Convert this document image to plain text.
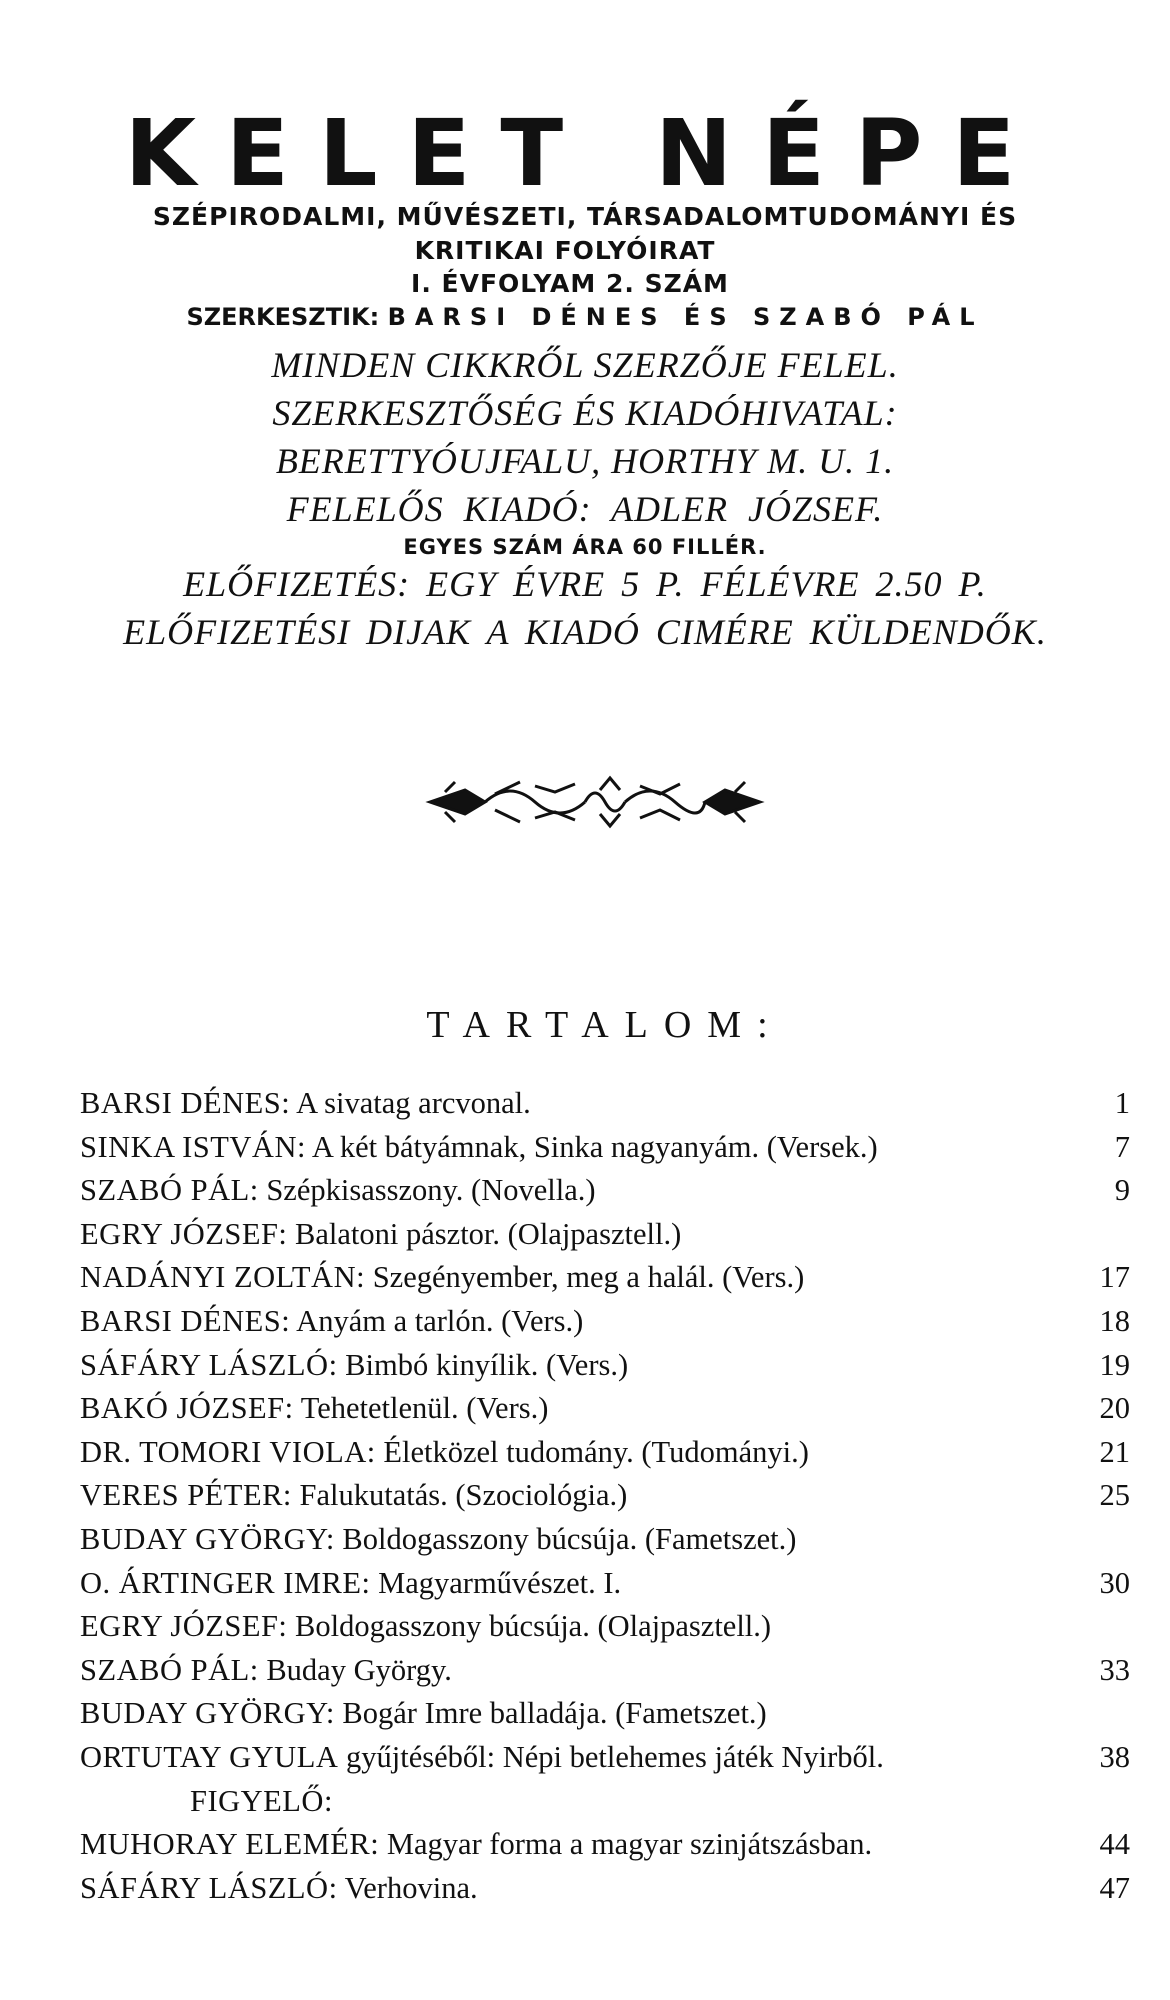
KELET NÉPE
SZÉPIRODALMI, MŰVÉSZETI, TÁRSADALOMTUDOMÁNYI ÉS
KRITIKAI FOLYÓIRAT
I. ÉVFOLYAM 2. SZÁM
SZERKESZTIK: BARSI DÉNES ÉS SZABÓ PÁL
MINDEN CIKKRŐL SZERZŐJE FELEL.
SZERKESZTŐSÉG ÉS KIADÓHIVATAL:
BERETTYÓUJFALU, HORTHY M. U. 1.
FELELŐS KIADÓ: ADLER JÓZSEF.
EGYES SZÁM ÁRA 60 FILLÉR.
ELŐFIZETÉS: EGY ÉVRE 5 P. FÉLÉVRE 2.50 P.
ELŐFIZETÉSI DIJAK A KIADÓ CIMÉRE KÜLDENDŐK.
TARTALOM:
BARSI DÉNES: A sivatag arcvonal.	1
SINKA ISTVÁN: A két bátyámnak, Sinka nagyanyám. (Versek.)	7
SZABÓ PÁL: Szépkisasszony. (Novella.)	9
EGRY JÓZSEF: Balatoni pásztor. (Olajpasztell.)
NADÁNYI ZOLTÁN: Szegényember, meg a halál. (Vers.)	17
BARSI DÉNES: Anyám a tarlón. (Vers.)	18
SÁFÁRY LÁSZLÓ: Bimbó kinyílik. (Vers.)	19
BAKÓ JÓZSEF: Tehetetlenül. (Vers.)	20
DR. TOMORI VIOLA: Életközel tudomány. (Tudományi.)	21
VERES PÉTER: Falukutatás. (Szociológia.)	25
BUDAY GYÖRGY: Boldogasszony búcsúja. (Fametszet.)
O. ÁRTINGER IMRE: Magyarművészet. I.	30
EGRY JÓZSEF: Boldogasszony búcsúja. (Olajpasztell.)
SZABÓ PÁL: Buday György.	33
BUDAY GYÖRGY: Bogár Imre balladája. (Fametszet.)
ORTUTAY GYULA gyűjtéséből: Népi betlehemes játék Nyirből.	38
FIGYELŐ:
MUHORAY ELEMÉR: Magyar forma a magyar szinjátszásban.	44
SÁFÁRY LÁSZLÓ: Verhovina.	47
